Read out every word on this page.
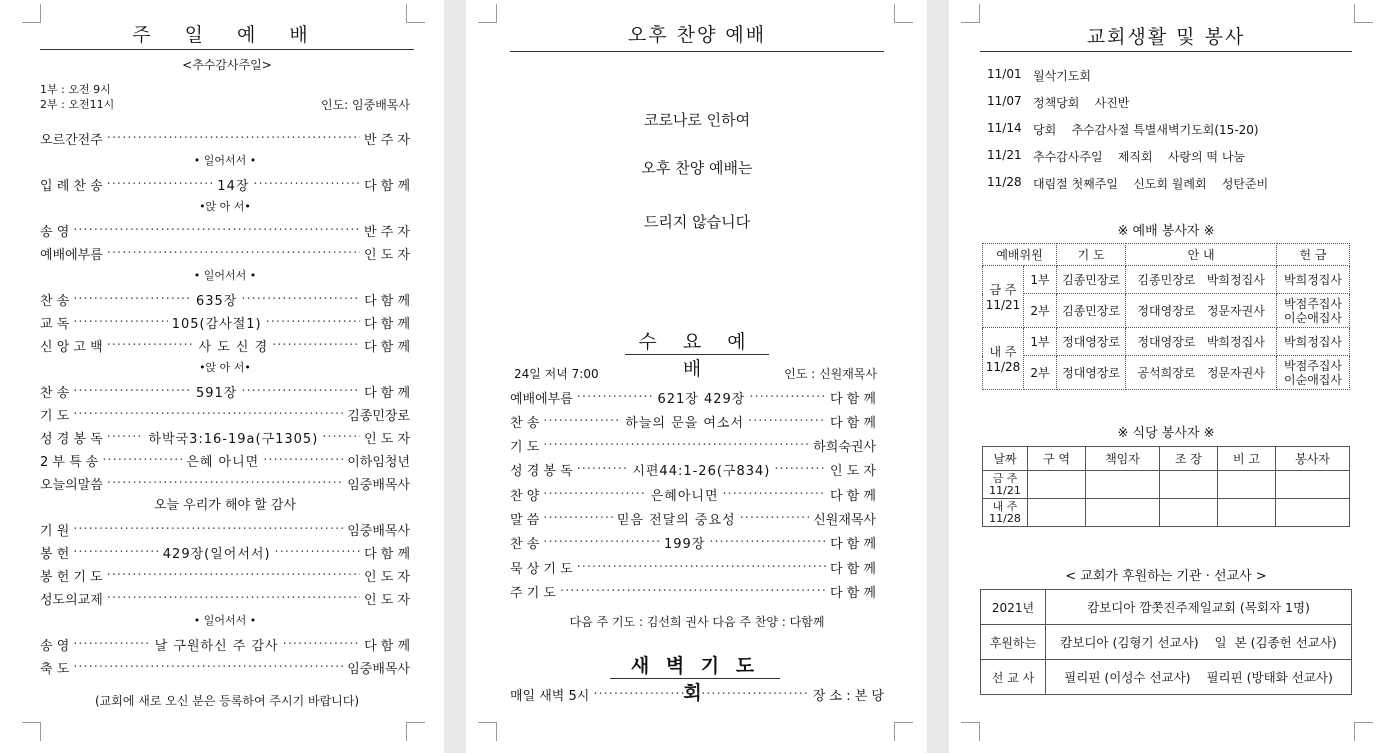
주 일 예 배
<추수감사주일>
1부 : 오전 9시
2부 : 오전11시	인도: 임중배목사
오르간전주 ·····	반 주 자
• 일어서서 •
입 례 찬 송 ·····	14장 ·····	다 함 께
•앉 아 서•
송 영 ·····	반 주 자
예배에부름 ·····	인 도 자
• 일어서서 •
찬 송 ·····	635장 ·····	다 함 께
교 독 ·····	105(감사절1) ·····	다 함 께
신 앙 고 백 ·····	사 도 신 경 ·····	다 함 께
•앉 아 서•
찬 송 ·····	591장 ·····	다 함 께
기 도 ·····	김종민장로
성 경 봉 독 ·····	하박국3:16-19a(구1305) ·····	인 도 자
2 부 특 송 ·····	은혜 아니면 ·····	이하임청년
오늘의말씀 ·····	임중배목사
오늘 우리가 해야 할 감사
기 원 ·····	임중배목사
봉 헌 ·····	429장(일어서서) ·····	다 함 께
봉 헌 기 도 ·····	인 도 자
성도의교제 ·····	인 도 자
• 일어서서 •
송 영 ·····	날 구원하신 주 감사 ·····	다 함 께
축 도 ·····	임중배목사
(교회에 새로 오신 분은 등록하여 주시기 바랍니다)
오후 찬양 예배
코로나로 인하여
오후 찬양 예배는
드리지 않습니다
수 요 예 배
24일 저녁 7:00	인도 : 신원재목사
예배에부름 ·····	621장 429장 ·····	다 함 께
찬 송 ·····	하늘의 문을 여소서 ·····	다 함 께
기 도 ·····	하희숙권사
성 경 봉 독 ·····	시편44:1-26(구834) ·····	인 도 자
찬 양 ·····	은혜아니면 ·····	다 함 께
말 씀 ·····	믿음 전달의 중요성 ·····	신원재목사
찬 송 ·····	199장 ·····	다 함 께
묵 상 기 도 ·····	다 함 께
주 기 도 ·····	다 함 께
다음 주 기도 : 김선희 권사 다음 주 찬양 : 다함께
새 벽 기 도 회
매일 새벽 5시 ·····	장 소 : 본 당
교회생활 및 봉사
11/01 월삭기도회
11/07 정책당회    사진반
11/14 당회    추수감사절 특별새벽기도회(15-20)
11/21 추수감사주일    제직회    사랑의 떡 나눔
11/28 대림절 첫째주일    신도회 월례회    성탄준비
※ 예배 봉사자 ※
예배위원		기 도	안 내	헌 금
금 주 11/21	1부	김종민장로	김종민장로   박희정집사	박희정집사
	2부	김종민장로	정대영장로   정문자권사	박점주집사 이순애집사
내 주 11/28	1부	정대영장로	정대영장로   박희정집사	박희정집사
	2부	정대영장로	공석희장로   정문자권사	박점주집사 이순애집사
※ 식당 봉사자 ※
날짜	구 역	책임자	조 장	비 고	봉사자
금 주 11/21					
내 주 11/28					
< 교회가 후원하는 기관 · 선교사 >
2021년	캄보디아 깜쫏진주제일교회 (목회자 1명)
후원하는	캄보디아 (김형기 선교사)    일  본 (김종헌 선교사)
선 교 사	필리핀 (이성수 선교사)    필리핀 (방태화 선교사)
